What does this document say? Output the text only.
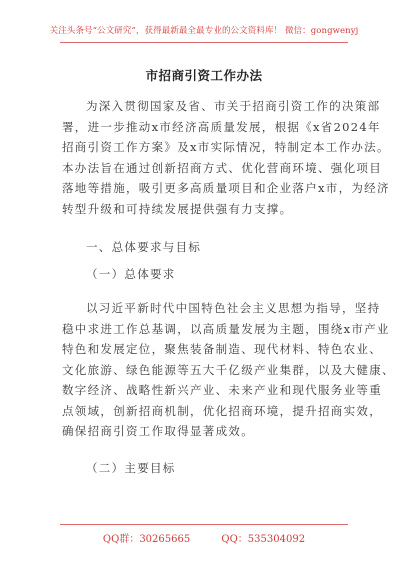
关注头条号“公文研究”，获得最新最全最专业的公文资料库！ 微信：gongwenyj
市招商引资工作办法
为深入贯彻国家及省、市关于招商引资工作的决策部
署，进一步推动x市经济高质量发展，根据《x省2024年
招商引资工作方案》及x市实际情况，特制定本工作办法。
本办法旨在通过创新招商方式、优化营商环境、强化项目
落地等措施，吸引更多高质量项目和企业落户x市，为经济
转型升级和可持续发展提供强有力支撑。
一、总体要求与目标
（一）总体要求
以习近平新时代中国特色社会主义思想为指导，坚持
稳中求进工作总基调，以高质量发展为主题，围绕x市产业
特色和发展定位，聚焦装备制造、现代材料、特色农业、
文化旅游、绿色能源等五大千亿级产业集群，以及大健康、
数字经济、战略性新兴产业、未来产业和现代服务业等重
点领域，创新招商机制，优化招商环境，提升招商实效，
确保招商引资工作取得显著成效。
（二）主要目标
QQ群：30265665	QQ：535304092
